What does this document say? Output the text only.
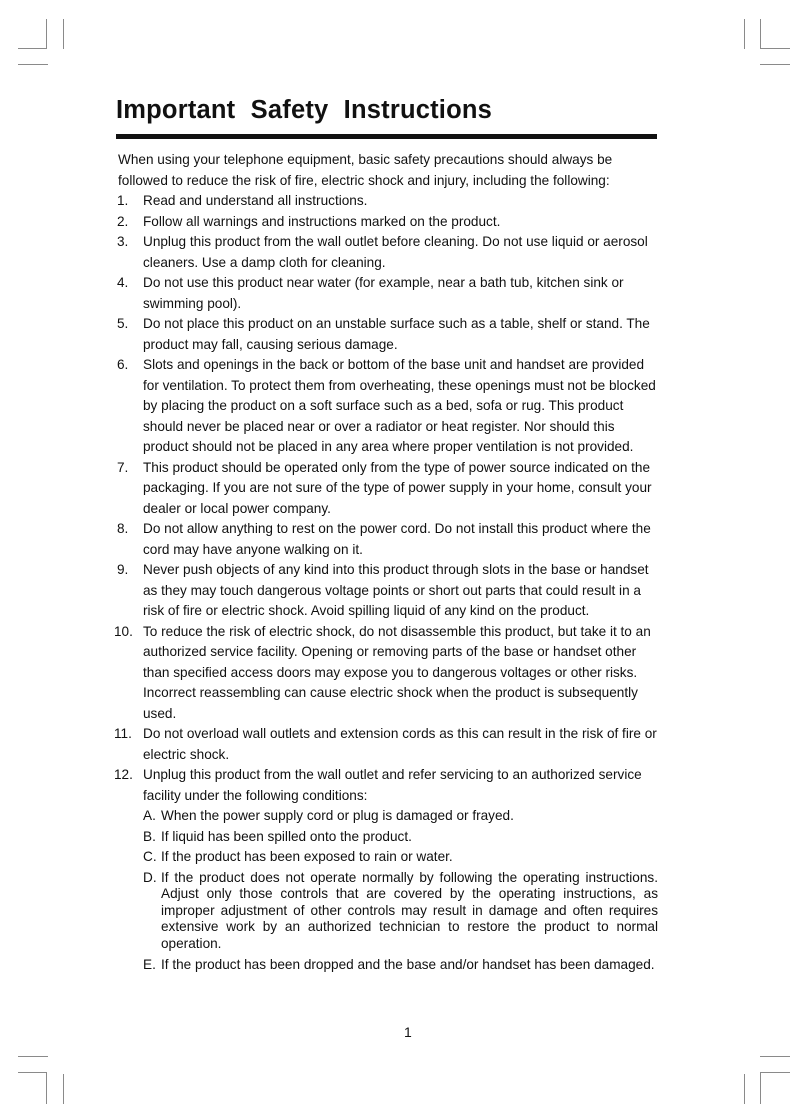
Important Safety Instructions

When using your telephone equipment, basic safety precautions should always be followed to reduce the risk of fire, electric shock and injury, including the following:

1. Read and understand all instructions.
2. Follow all warnings and instructions marked on the product.
3. Unplug this product from the wall outlet before cleaning. Do not use liquid or aerosol cleaners. Use a damp cloth for cleaning.
4. Do not use this product near water (for example, near a bath tub, kitchen sink or swimming pool).
5. Do not place this product on an unstable surface such as a table, shelf or stand. The product may fall, causing serious damage.
6. Slots and openings in the back or bottom of the base unit and handset are provided for ventilation. To protect them from overheating, these openings must not be blocked by placing the product on a soft surface such as a bed, sofa or rug. This product should never be placed near or over a radiator or heat register. Nor should this product should not be placed in any area where proper ventilation is not provided.
7. This product should be operated only from the type of power source indicated on the packaging. If you are not sure of the type of power supply in your home, consult your dealer or local power company.
8. Do not allow anything to rest on the power cord. Do not install this product where the cord may have anyone walking on it.
9. Never push objects of any kind into this product through slots in the base or handset as they may touch dangerous voltage points or short out parts that could result in a risk of fire or electric shock. Avoid spilling liquid of any kind on the product.
10. To reduce the risk of electric shock, do not disassemble this product, but take it to an authorized service facility. Opening or removing parts of the base or handset other than specified access doors may expose you to dangerous voltages or other risks. Incorrect reassembling can cause electric shock when the product is subsequently used.
11. Do not overload wall outlets and extension cords as this can result in the risk of fire or electric shock.
12. Unplug this product from the wall outlet and refer servicing to an authorized service facility under the following conditions:
A. When the power supply cord or plug is damaged or frayed.
B. If liquid has been spilled onto the product.
C. If the product has been exposed to rain or water.
D. If the product does not operate normally by following the operating instructions. Adjust only those controls that are covered by the operating instructions, as improper adjustment of other controls may result in damage and often requires extensive work by an authorized technician to restore the product to normal operation.
E. If the product has been dropped and the base and/or handset has been damaged.
1
